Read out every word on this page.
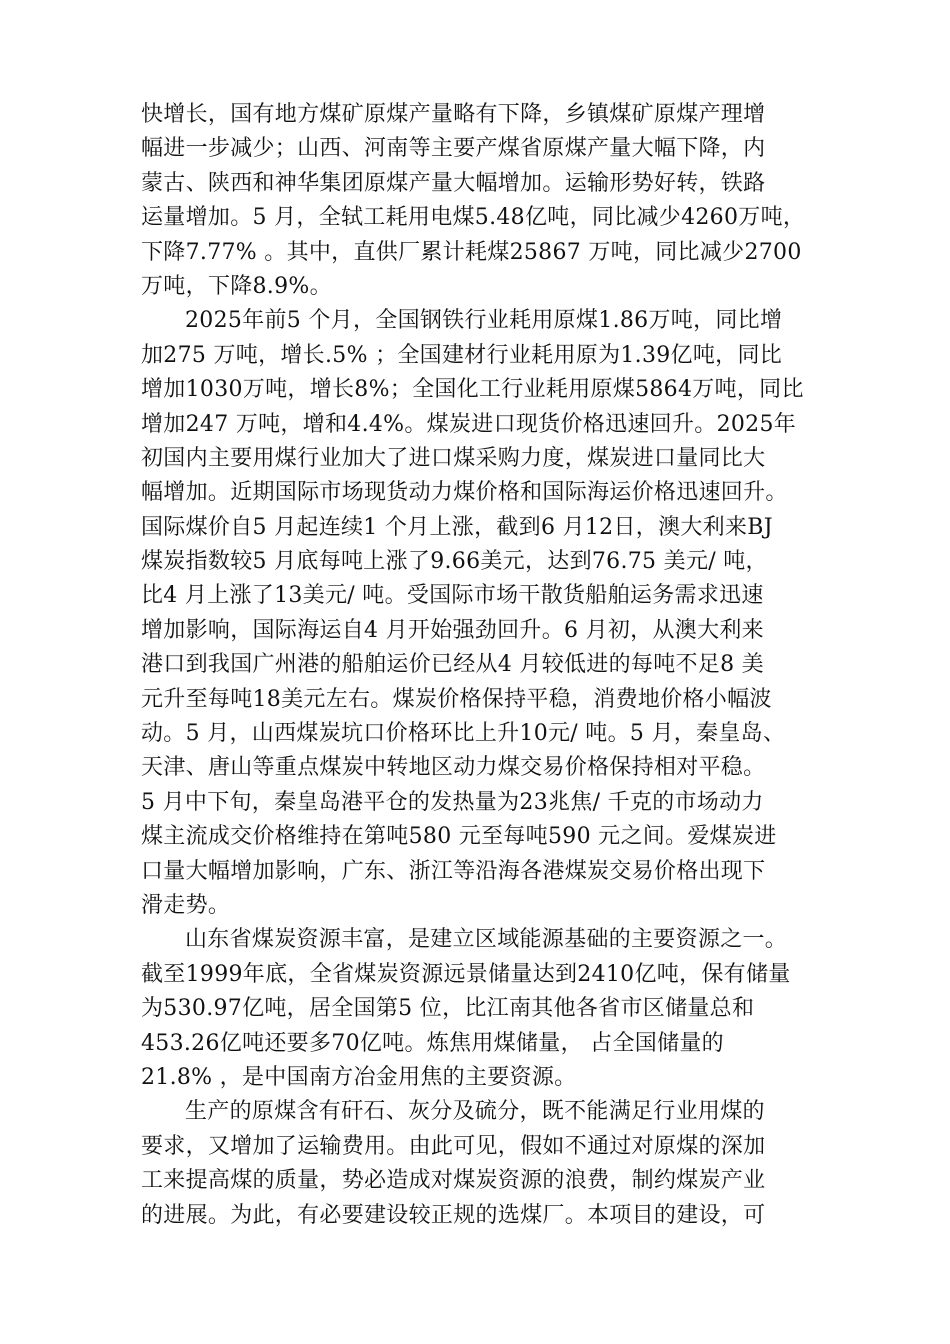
快增长，国有地方煤矿原煤产量略有下降，乡镇煤矿原煤产理增
幅进一步减少；山西、河南等主要产煤省原煤产量大幅下降，内
蒙古、陕西和神华集团原煤产量大幅增加。运输形势好转，铁路
运量增加。5 月，全轼工耗用电煤5.48亿吨，同比减少4260万吨，
下降7.77% 。其中，直供厂累计耗煤25867 万吨，同比减少2700
万吨，下降8.9%。
2025年前5 个月，全国钢铁行业耗用原煤1.86万吨，同比增
加275 万吨，增长.5% ；全国建材行业耗用原为1.39亿吨，同比
增加1030万吨，增长8%；全国化工行业耗用原煤5864万吨，同比
增加247 万吨，增和4.4%。煤炭进口现货价格迅速回升。2025年
初国内主要用煤行业加大了进口煤采购力度，煤炭进口量同比大
幅增加。近期国际市场现货动力煤价格和国际海运价格迅速回升。
国际煤价自5 月起连续1 个月上涨，截到6 月12日，澳大利来BJ
煤炭指数较5 月底每吨上涨了9.66美元，达到76.75 美元/ 吨，
比4 月上涨了13美元/ 吨。受国际市场干散货船舶运务需求迅速
增加影响，国际海运自4 月开始强劲回升。6 月初，从澳大利来
港口到我国广州港的船舶运价已经从4 月较低进的每吨不足8 美
元升至每吨18美元左右。煤炭价格保持平稳，消费地价格小幅波
动。5 月，山西煤炭坑口价格环比上升10元/ 吨。5 月，秦皇岛、
天津、唐山等重点煤炭中转地区动力煤交易价格保持相对平稳。
5 月中下旬，秦皇岛港平仓的发热量为23兆焦/ 千克的市场动力
煤主流成交价格维持在第吨580 元至每吨590 元之间。爱煤炭进
口量大幅增加影响，广东、浙江等沿海各港煤炭交易价格出现下
滑走势。
山东省煤炭资源丰富，是建立区域能源基础的主要资源之一。
截至1999年底，全省煤炭资源远景储量达到2410亿吨，保有储量
为530.97亿吨，居全国第5 位，比江南其他各省市区储量总和
453.26亿吨还要多70亿吨。炼焦用煤储量， 占全国储量的
21.8% ，是中国南方冶金用焦的主要资源。
生产的原煤含有矸石、灰分及硫分，既不能满足行业用煤的
要求，又增加了运输费用。由此可见，假如不通过对原煤的深加
工来提高煤的质量，势必造成对煤炭资源的浪费，制约煤炭产业
的进展。为此，有必要建设较正规的选煤厂。本项目的建设，可
